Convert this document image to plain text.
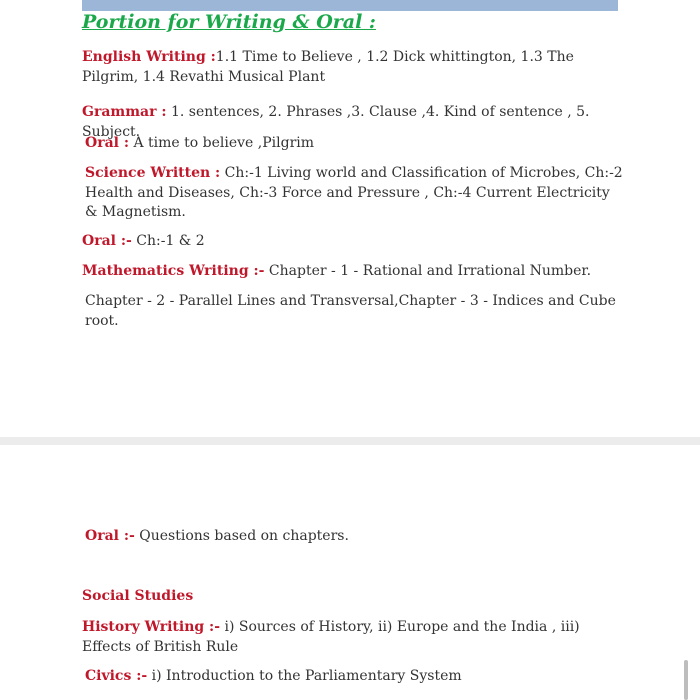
Portion for Writing & Oral :
English Writing :1.1 Time to Believe , 1.2 Dick whittington, 1.3 The Pilgrim, 1.4 Revathi Musical Plant
Grammar : 1. sentences, 2. Phrases ,3. Clause ,4. Kind of sentence , 5. Subject.
Oral : A time to believe ,Pilgrim
Science Written : Ch:-1 Living world and Classification of Microbes, Ch:-2 Health and Diseases, Ch:-3 Force and Pressure , Ch:-4 Current Electricity & Magnetism.
Oral :- Ch:-1 & 2
Mathematics Writing :- Chapter - 1 - Rational and Irrational Number.
Chapter - 2 - Parallel Lines and Transversal,Chapter - 3 - Indices and Cube root.
Oral :- Questions based on chapters.
Social Studies
History Writing :- i) Sources of History, ii) Europe and the India , iii) Effects of British Rule
Civics :- i) Introduction to the Parliamentary System
